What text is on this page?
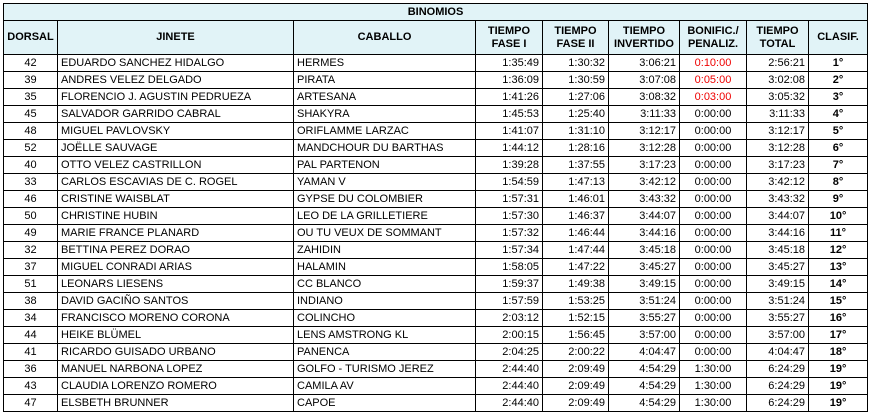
BINOMIOS								
DORSAL	JINETE	CABALLO	TIEMPO FASE I	TIEMPO FASE II	TIEMPO INVERTIDO	BONIFIC./ PENALIZ.	TIEMPO TOTAL	CLASIF.
42	EDUARDO SANCHEZ HIDALGO	HERMES	1:35:49	1:30:32	3:06:21	0:10:00	2:56:21	1°
39	ANDRES VELEZ DELGADO	PIRATA	1:36:09	1:30:59	3:07:08	0:05:00	3:02:08	2°
35	FLORENCIO J. AGUSTIN PEDRUEZA	ARTESANA	1:41:26	1:27:06	3:08:32	0:03:00	3:05:32	3°
45	SALVADOR GARRIDO CABRAL	SHAKYRA	1:45:53	1:25:40	3:11:33	0:00:00	3:11:33	4°
48	MIGUEL PAVLOVSKY	ORIFLAMME LARZAC	1:41:07	1:31:10	3:12:17	0:00:00	3:12:17	5°
52	JOËLLE SAUVAGE	MANDCHOUR DU BARTHAS	1:44:12	1:28:16	3:12:28	0:00:00	3:12:28	6°
40	OTTO VELEZ CASTRILLON	PAL PARTENON	1:39:28	1:37:55	3:17:23	0:00:00	3:17:23	7°
33	CARLOS ESCAVIAS DE C. ROGEL	YAMAN V	1:54:59	1:47:13	3:42:12	0:00:00	3:42:12	8°
46	CRISTINE WAISBLAT	GYPSE DU COLOMBIER	1:57:31	1:46:01	3:43:32	0:00:00	3:43:32	9°
50	CHRISTINE HUBIN	LEO DE LA GRILLETIERE	1:57:30	1:46:37	3:44:07	0:00:00	3:44:07	10°
49	MARIE FRANCE PLANARD	OU TU VEUX DE SOMMANT	1:57:32	1:46:44	3:44:16	0:00:00	3:44:16	11°
32	BETTINA PEREZ DORAO	ZAHIDIN	1:57:34	1:47:44	3:45:18	0:00:00	3:45:18	12°
37	MIGUEL CONRADI ARIAS	HALAMIN	1:58:05	1:47:22	3:45:27	0:00:00	3:45:27	13°
51	LEONARS LIESENS	CC BLANCO	1:59:37	1:49:38	3:49:15	0:00:00	3:49:15	14°
38	DAVID GACIÑO SANTOS	INDIANO	1:57:59	1:53:25	3:51:24	0:00:00	3:51:24	15°
34	FRANCISCO MORENO CORONA	COLINCHO	2:03:12	1:52:15	3:55:27	0:00:00	3:55:27	16°
44	HEIKE BLÜMEL	LENS AMSTRONG KL	2:00:15	1:56:45	3:57:00	0:00:00	3:57:00	17°
41	RICARDO GUISADO URBANO	PANENCA	2:04:25	2:00:22	4:04:47	0:00:00	4:04:47	18°
36	MANUEL NARBONA LOPEZ	GOLFO - TURISMO JEREZ	2:44:40	2:09:49	4:54:29	1:30:00	6:24:29	19°
43	CLAUDIA LORENZO ROMERO	CAMILA AV	2:44:40	2:09:49	4:54:29	1:30:00	6:24:29	19°
47	ELSBETH BRUNNER	CAPOE	2:44:40	2:09:49	4:54:29	1:30:00	6:24:29	19°
